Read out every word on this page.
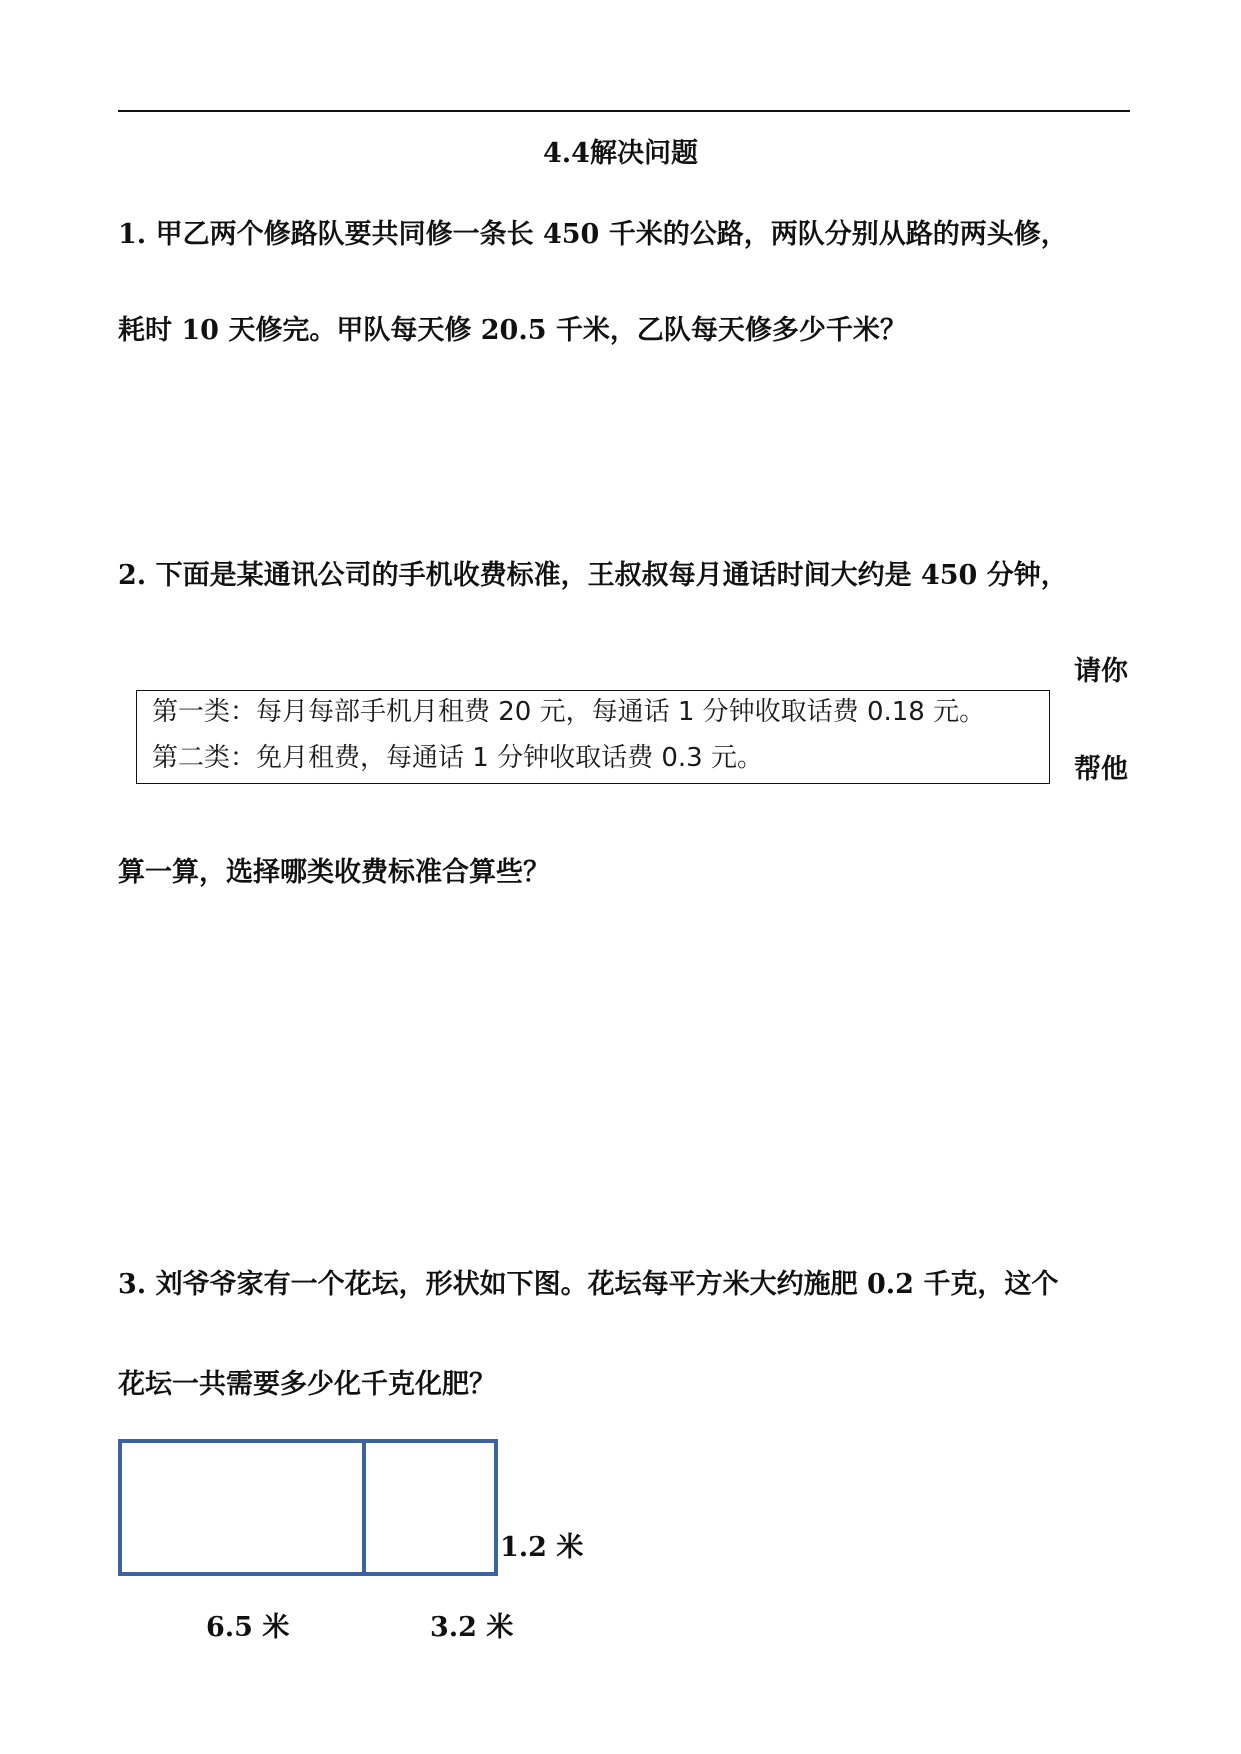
4.4解决问题
1. 甲乙两个修路队要共同修一条长 450 千米的公路，两队分别从路的两头修，
耗时 10 天修完。甲队每天修 20.5 千米，乙队每天修多少千米？
2. 下面是某通讯公司的手机收费标准，王叔叔每月通话时间大约是 450 分钟，
请你
第一类：每月每部手机月租费 20 元，每通话 1 分钟收取话费 0.18 元。
第二类：免月租费，每通话 1 分钟收取话费 0.3 元。	帮他
算一算，选择哪类收费标准合算些？
3. 刘爷爷家有一个花坛，形状如下图。花坛每平方米大约施肥 0.2 千克，这个
花坛一共需要多少化千克化肥？
1.2 米
6.5 米	3.2 米
